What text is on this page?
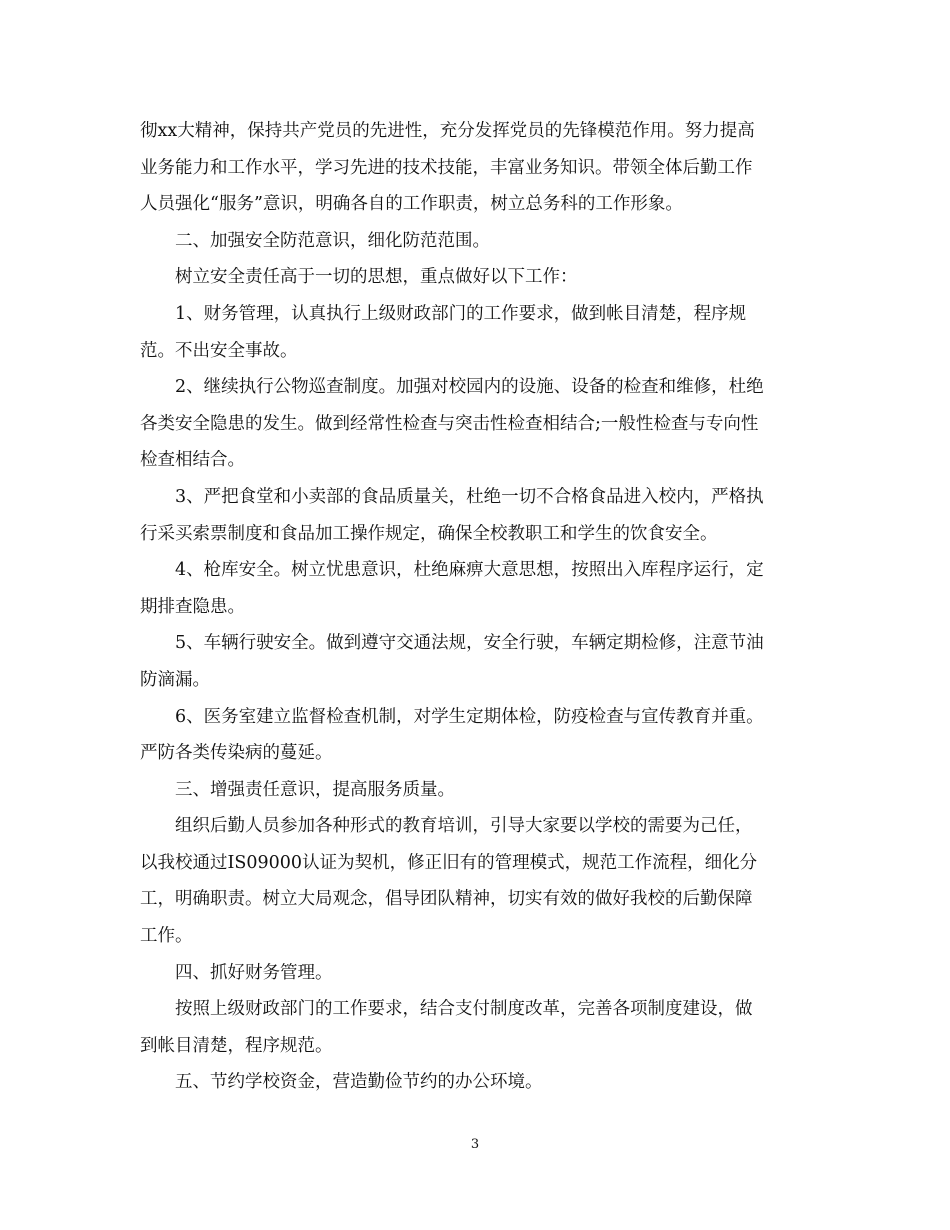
彻xx大精神，保持共产党员的先进性，充分发挥党员的先锋模范作用。努力提高
业务能力和工作水平，学习先进的技术技能，丰富业务知识。带领全体后勤工作
人员强化“服务”意识，明确各自的工作职责，树立总务科的工作形象。
二、加强安全防范意识，细化防范范围。
树立安全责任高于一切的思想，重点做好以下工作：
1、财务管理，认真执行上级财政部门的工作要求，做到帐目清楚，程序规
范。不出安全事故。
2、继续执行公物巡查制度。加强对校园内的设施、设备的检查和维修，杜绝
各类安全隐患的发生。做到经常性检查与突击性检查相结合;一般性检查与专向性
检查相结合。
3、严把食堂和小卖部的食品质量关，杜绝一切不合格食品进入校内，严格执
行采买索票制度和食品加工操作规定，确保全校教职工和学生的饮食安全。
4、枪库安全。树立忧患意识，杜绝麻痹大意思想，按照出入库程序运行，定
期排查隐患。
5、车辆行驶安全。做到遵守交通法规，安全行驶，车辆定期检修，注意节油
防滴漏。
6、医务室建立监督检查机制，对学生定期体检，防疫检查与宣传教育并重。
严防各类传染病的蔓延。
三、增强责任意识，提高服务质量。
组织后勤人员参加各种形式的教育培训，引导大家要以学校的需要为己任，
以我校通过IS09000认证为契机，修正旧有的管理模式，规范工作流程，细化分
工，明确职责。树立大局观念，倡导团队精神，切实有效的做好我校的后勤保障
工作。
四、抓好财务管理。
按照上级财政部门的工作要求，结合支付制度改革，完善各项制度建设，做
到帐目清楚，程序规范。
五、节约学校资金，营造勤俭节约的办公环境。
3
